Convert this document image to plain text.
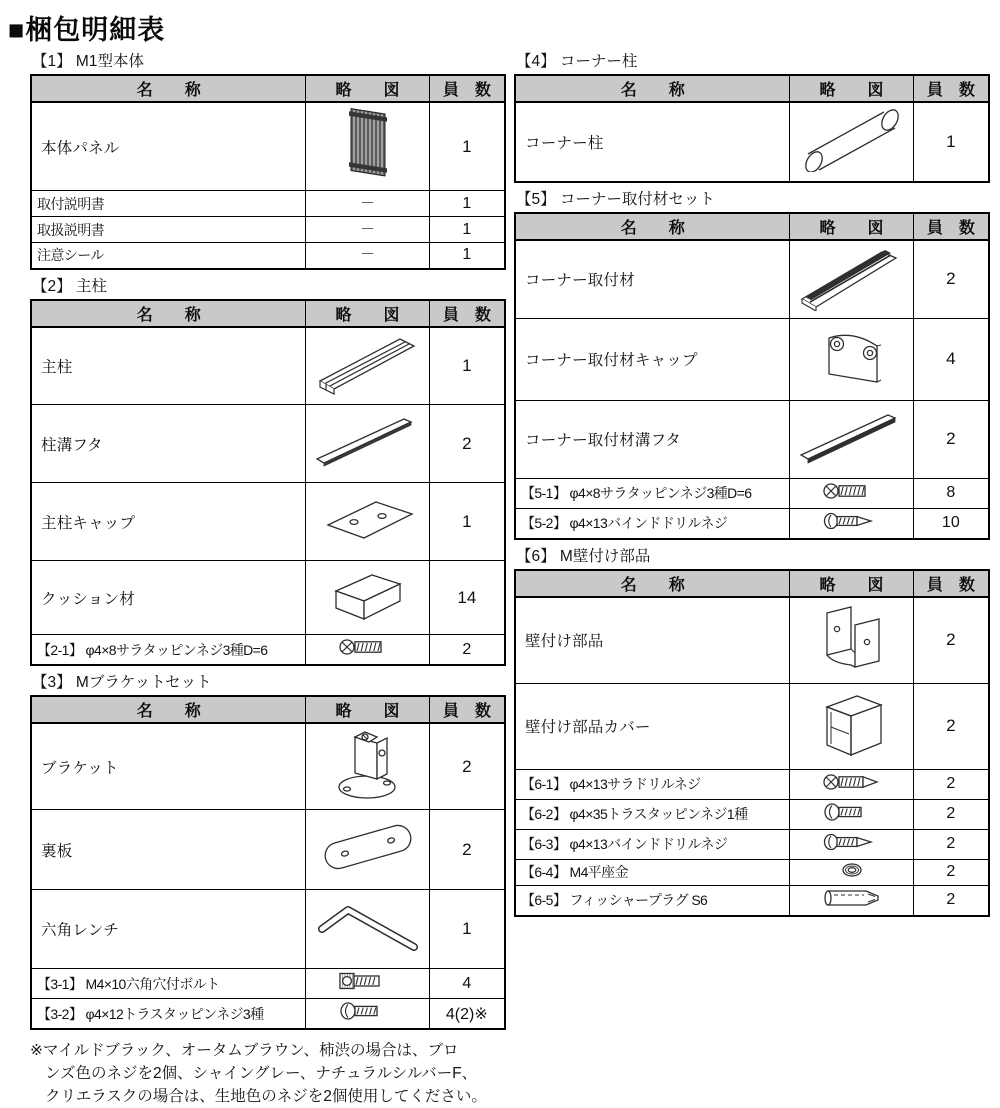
■梱包明細表
【1】 M1型本体
名　　称	略　　図	員　数
本体パネル		1
取付説明書	－	1
取扱説明書	－	1
注意シール	－	1
【2】 主柱
名　　称	略　　図	員　数
主柱		1
柱溝フタ		2
主柱キャップ		1
クッション材		14
【2-1】 φ4×8サラタッピンネジ3種D=6		2
【3】 Mブラケットセット
名　　称	略　　図	員　数
ブラケット		2
裏板		2
六角レンチ		1
【3-1】 M4×10六角穴付ボルト		4
【3-2】 φ4×12トラスタッピンネジ3種		4(2)※
※マイルドブラック、オータムブラウン、柿渋の場合は、ブロ
ンズ色のネジを2個、シャイングレー、ナチュラルシルバーF、
クリエラスクの場合は、生地色のネジを2個使用してください。
【4】 コーナー柱
名　　称	略　　図	員　数
コーナー柱		1
【5】 コーナー取付材セット
名　　称	略　　図	員　数
コーナー取付材		2
コーナー取付材キャップ		4
コーナー取付材溝フタ		2
【5-1】 φ4×8サラタッピンネジ3種D=6		8
【5-2】 φ4×13バインドドリルネジ		10
【6】 M壁付け部品
名　　称	略　　図	員　数
壁付け部品		2
壁付け部品カバー		2
【6-1】 φ4×13サラドリルネジ		2
【6-2】 φ4×35トラスタッピンネジ1種		2
【6-3】 φ4×13バインドドリルネジ		2
【6-4】 M4平座金		2
【6-5】 フィッシャープラグ S6		2
